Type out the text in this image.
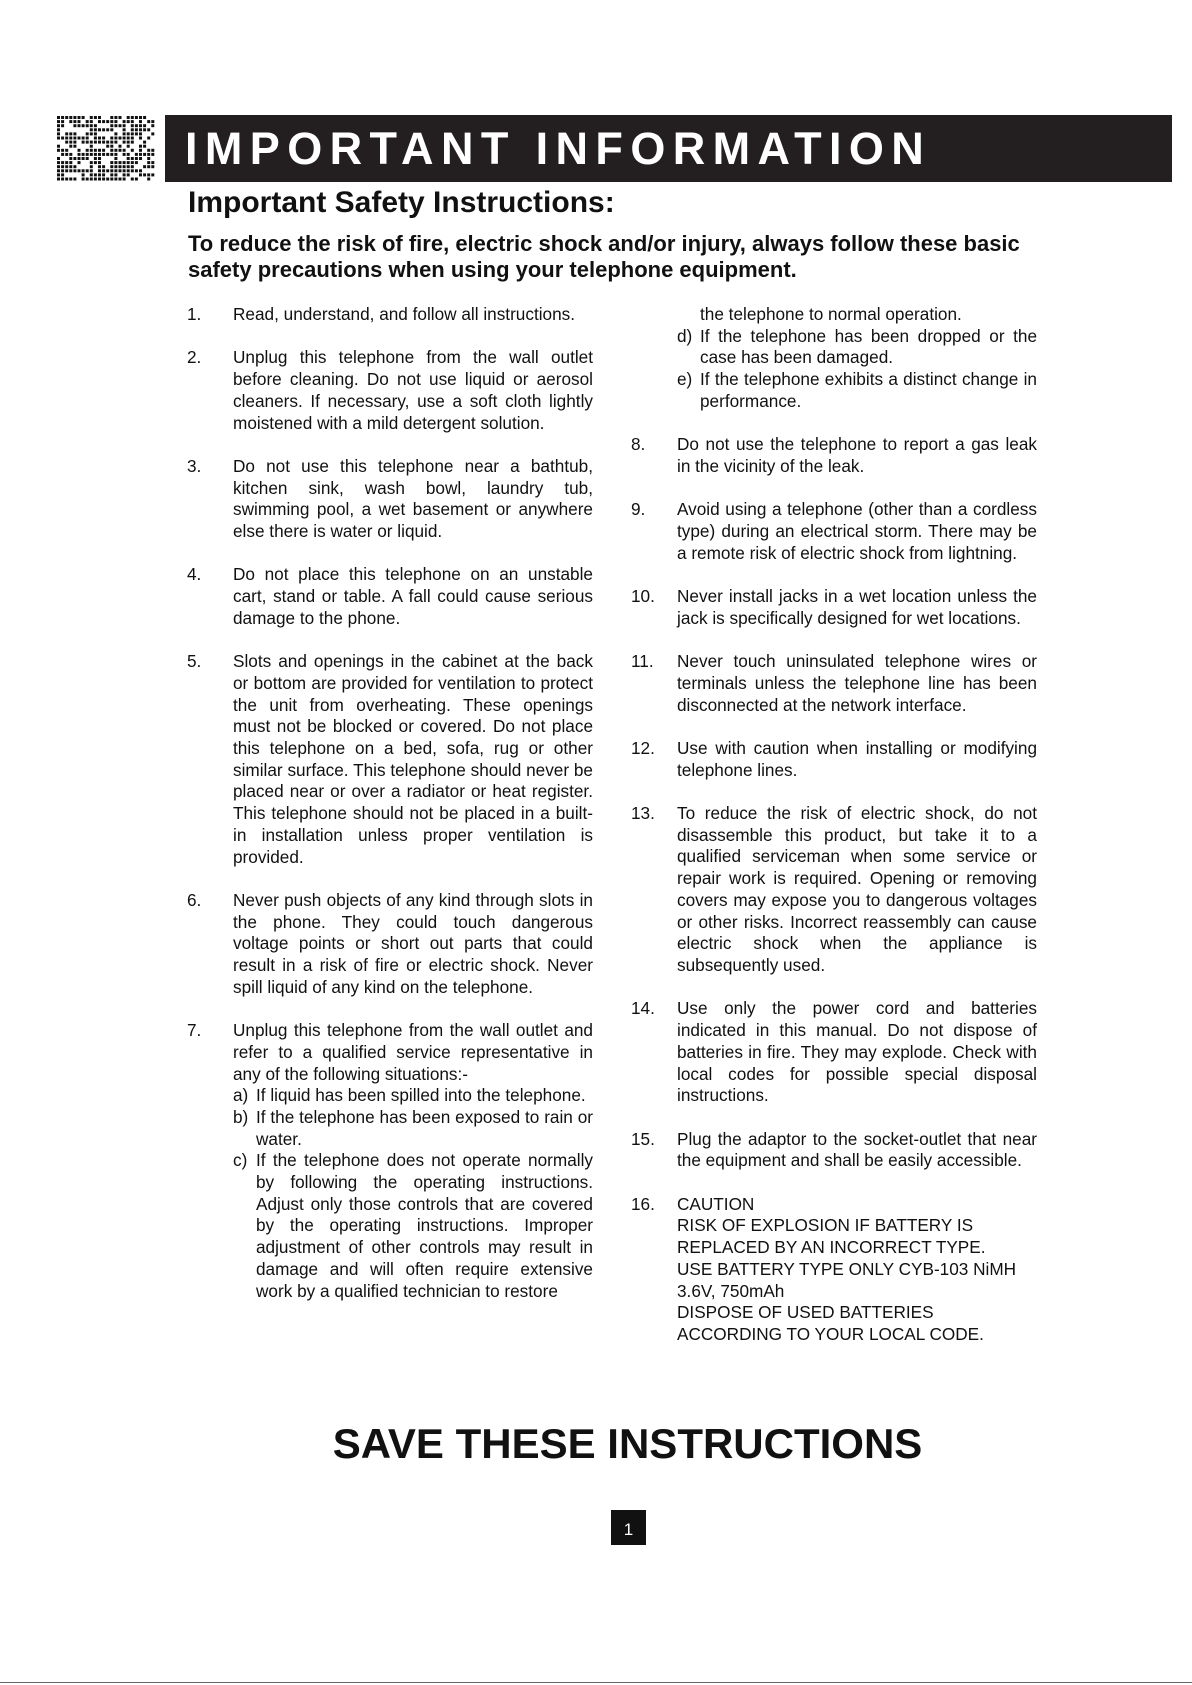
IMPORTANT INFORMATION
Important Safety Instructions:

To reduce the risk of fire, electric shock and/or injury, always follow these basic safety precautions when using your telephone equipment.

1. Read, understand, and follow all instructions.
2. Unplug this telephone from the wall outlet before cleaning. Do not use liquid or aerosol cleaners. If necessary, use a soft cloth lightly moistened with a mild detergent solution.
3. Do not use this telephone near a bathtub, kitchen sink, wash bowl, laundry tub, swimming pool, a wet basement or anywhere else there is water or liquid.
4. Do not place this telephone on an unstable cart, stand or table. A fall could cause serious damage to the phone.
5. Slots and openings in the cabinet at the back or bottom are provided for ventilation to protect the unit from overheating. These openings must not be blocked or covered. Do not place this telephone on a bed, sofa, rug or other similar surface. This telephone should never be placed near or over a radiator or heat register. This telephone should not be placed in a built-in installation unless proper ventilation is provided.
6. Never push objects of any kind through slots in the phone. They could touch dangerous voltage points or short out parts that could result in a risk of fire or electric shock. Never spill liquid of any kind on the telephone.
7. Unplug this telephone from the wall outlet and refer to a qualified service representative in any of the following situations:-
a) If liquid has been spilled into the telephone.
b) If the telephone has been exposed to rain or water.
c) If the telephone does not operate normally by following the operating instructions. Adjust only those controls that are covered by the operating instructions. Improper adjustment of other controls may result in damage and will often require extensive work by a qualified technician to restore
the telephone to normal operation.
d) If the telephone has been dropped or the case has been damaged.
e) If the telephone exhibits a distinct change in performance.
8. Do not use the telephone to report a gas leak in the vicinity of the leak.
9. Avoid using a telephone (other than a cordless type) during an electrical storm. There may be a remote risk of electric shock from lightning.
10. Never install jacks in a wet location unless the jack is specifically designed for wet locations.
11. Never touch uninsulated telephone wires or terminals unless the telephone line has been disconnected at the network interface.
12. Use with caution when installing or modifying telephone lines.
13. To reduce the risk of electric shock, do not disassemble this product, but take it to a qualified serviceman when some service or repair work is required. Opening or removing covers may expose you to dangerous voltages or other risks. Incorrect reassembly can cause electric shock when the appliance is subsequently used.
14. Use only the power cord and batteries indicated in this manual. Do not dispose of batteries in fire. They may explode. Check with local codes for possible special disposal instructions.
15. Plug the adaptor to the socket-outlet that near the equipment and shall be easily accessible.
16. CAUTION
RISK OF EXPLOSION IF BATTERY IS
REPLACED BY AN INCORRECT TYPE.
USE BATTERY TYPE ONLY CYB-103 NiMH
3.6V, 750mAh
DISPOSE OF USED BATTERIES
ACCORDING TO YOUR LOCAL CODE.
SAVE THESE INSTRUCTIONS
1
